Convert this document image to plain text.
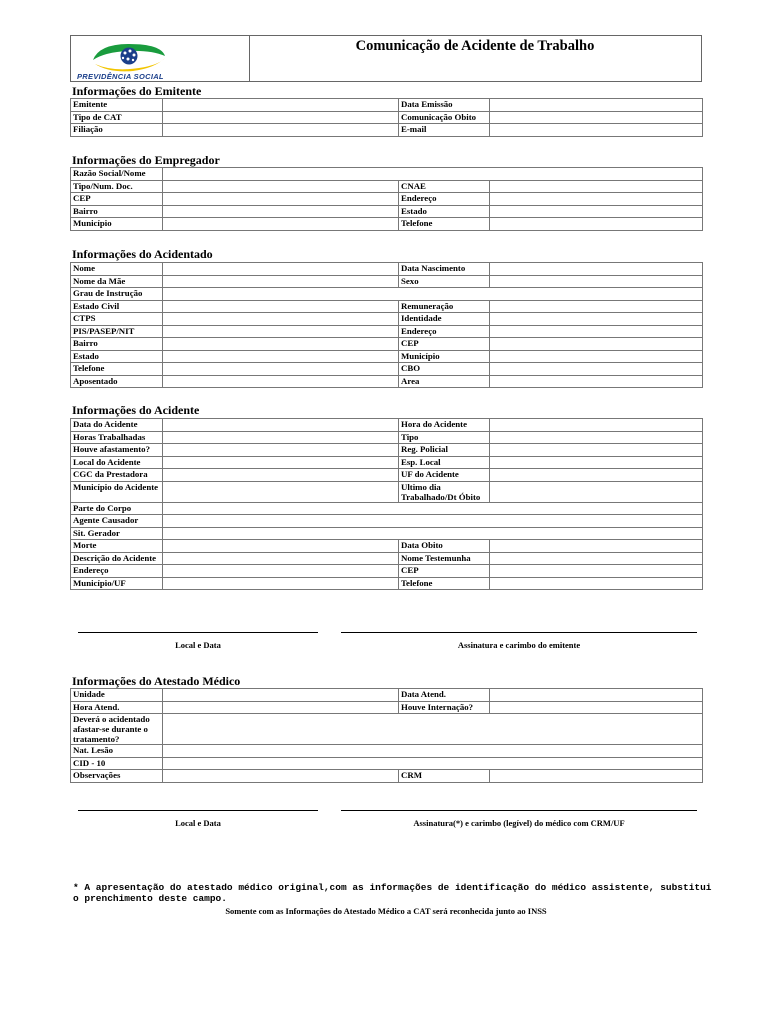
PREVIDÊNCIA SOCIAL
Comunicação de Acidente de Trabalho
Informações do Emitente
Emitente		Data Emissão	
Tipo de CAT		Comunicação Obito	
Filiação		E-mail	
Informações do Empregador
Razão Social/Nome			
Tipo/Num. Doc.		CNAE	
CEP		Endereço	
Bairro		Estado	
Município		Telefone	
Informações do Acidentado
Nome		Data Nascimento	
Nome da Mãe		Sexo	
Grau de Instrução			
Estado Civil		Remuneração	
CTPS		Identidade	
PIS/PASEP/NIT		Endereço	
Bairro		CEP	
Estado		Município	
Telefone		CBO	
Aposentado		Area	
Informações do Acidente
Data do Acidente		Hora do Acidente	
Horas Trabalhadas		Tipo	
Houve afastamento?		Reg. Policial	
Local do Acidente		Esp. Local	
CGC da Prestadora		UF do Acidente	
Município do Acidente		Ultimo dia Trabalhado/Dt Óbito	
Parte do Corpo			
Agente Causador			
Sit. Gerador			
Morte		Data Obito	
Descrição do Acidente		Nome Testemunha	
Endereço		CEP	
Município/UF		Telefone	
Local e Data	Assinatura e carimbo do emitente
Informações do Atestado Médico
Unidade		Data Atend.	
Hora Atend.		Houve Internação?	
Deverá o acidentado afastar-se durante o tratamento?			
Nat. Lesão			
CID - 10			
Observações		CRM	
Local e Data	Assinatura(*) e carimbo (legível) do médico com CRM/UF
* A apresentação do atestado médico original,com as informações de identificação do médico assistente, substitui o prenchimento deste campo.
Somente com as Informações do Atestado Médico a CAT será reconhecida junto ao INSS
